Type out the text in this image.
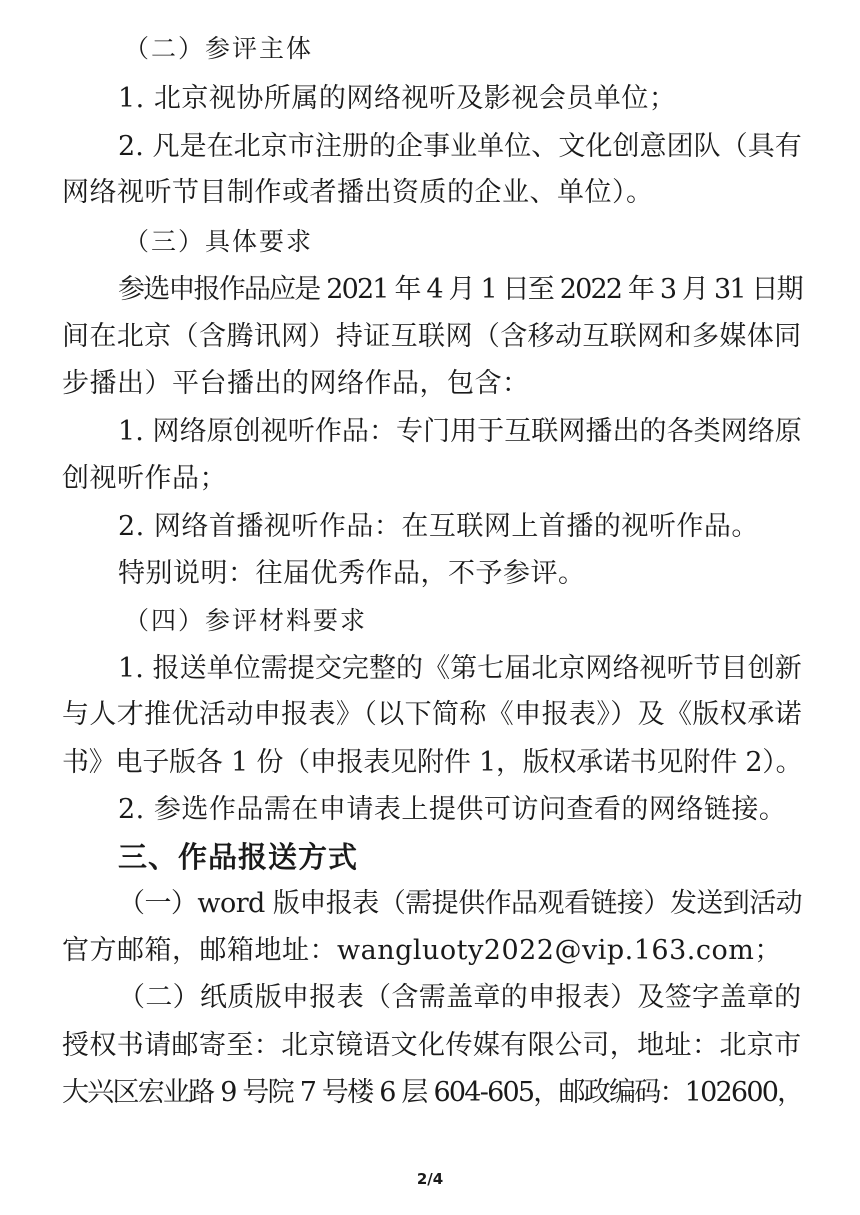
（二）参评主体
1. 北京视协所属的网络视听及影视会员单位；
2. 凡是在北京市注册的企事业单位、文化创意团队（具有
网络视听节目制作或者播出资质的企业、单位）。
（三）具体要求
参选申报作品应是 2021 年 4 月 1 日至 2022 年 3 月 31 日期
间在北京（含腾讯网）持证互联网（含移动互联网和多媒体同
步播出）平台播出的网络作品，包含：
1. 网络原创视听作品：专门用于互联网播出的各类网络原
创视听作品；
2. 网络首播视听作品：在互联网上首播的视听作品。
特别说明：往届优秀作品，不予参评。
（四）参评材料要求
1. 报送单位需提交完整的《第七届北京网络视听节目创新
与人才推优活动申报表》（以下简称《申报表》）及《版权承诺
书》电子版各 1 份（申报表见附件 1，版权承诺书见附件 2）。
2. 参选作品需在申请表上提供可访问查看的网络链接。
三、作品报送方式
（一）word 版申报表（需提供作品观看链接）发送到活动
官方邮箱，邮箱地址：wangluoty2022@vip.163.com；
（二）纸质版申报表（含需盖章的申报表）及签字盖章的
授权书请邮寄至：北京镜语文化传媒有限公司，地址：北京市
大兴区宏业路 9 号院 7 号楼 6 层 604-605，邮政编码：102600，
2/4
